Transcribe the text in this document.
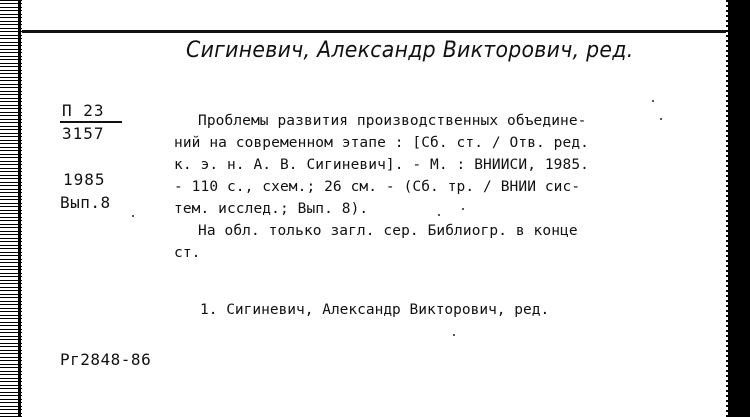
Сигиневич, Александр Викторович, ред.
П 23
3157
1985
Вып.8
Проблемы развития производственных объедине-
ний на современном этапе : [Сб. ст. / Отв. ред.
к. э. н. А. В. Сигиневич]. - М. : ВНИИСИ, 1985.
- 110 с., схем.; 26 см. - (Сб. тр. / ВНИИ сис-
тем. исслед.; Вып. 8).
На обл. только загл. сер. Библиогр. в конце
ст.
1. Сигиневич, Александр Викторович, ред.
Рг2848-86
